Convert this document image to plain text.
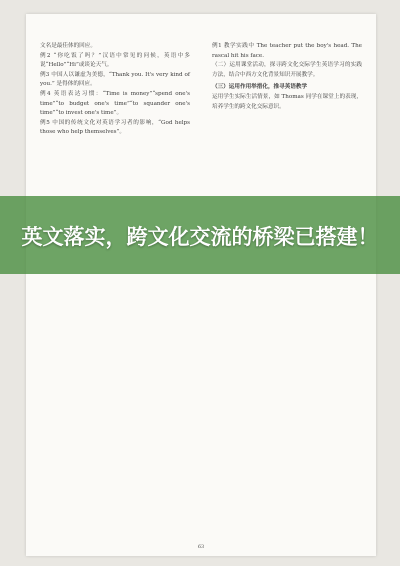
文名是最佳体的回应。

例2 “你吃饭了吗？”汉语中常见的问候，英语中多说“Hello”“Hi”或谈论天气。

例3 中国人以谦虚为美德，“Thank you. It's very kind of you.” 是得体的回应。

例4 英语表达习惯：“Time is money”“spend one's time”“to budget one's time”“to squander one's time”“to invest one's time”。

例5 中国的传统文化对英语学习者的影响，“God helps those who help themselves”。

例1 教学实践中 The teacher put the boy's head. The rascal hit his face.

（二）运用课堂活动，探寻跨文化交际学生英语学习的实践方法，结合中西方文化背景知识开展教学。

（三）运用作用举措化，推寻英语教学

运用学生实际生活情景，如 Thomas 同学在课堂上的表现，培养学生的跨文化交际意识。

63
英文落实，跨文化交流的桥梁已搭建！
